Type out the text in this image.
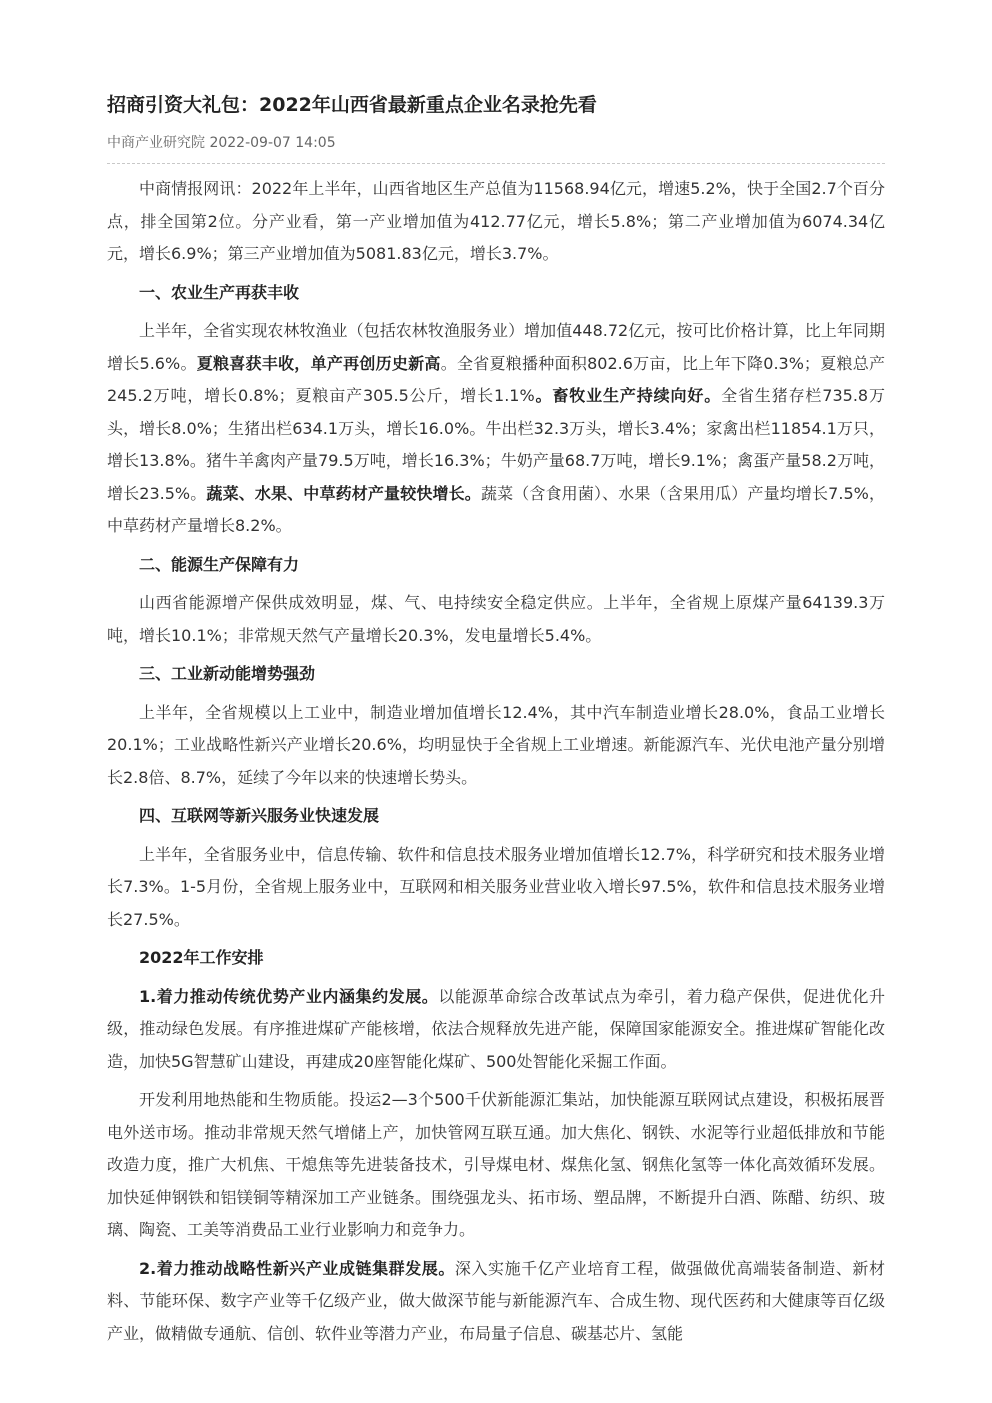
招商引资大礼包：2022年山西省最新重点企业名录抢先看
中商产业研究院 2022-09-07 14:05

中商情报网讯：2022年上半年，山西省地区生产总值为11568.94亿元，增速5.2%，快于全国2.7个百分点，排全国第2位。分产业看，第一产业增加值为412.77亿元，增长5.8%；第二产业增加值为6074.34亿元，增长6.9%；第三产业增加值为5081.83亿元，增长3.7%。

一、农业生产再获丰收

上半年，全省实现农林牧渔业（包括农林牧渔服务业）增加值448.72亿元，按可比价格计算，比上年同期增长5.6%。夏粮喜获丰收，单产再创历史新高。全省夏粮播种面积802.6万亩，比上年下降0.3%；夏粮总产245.2万吨，增长0.8%；夏粮亩产305.5公斤，增长1.1%。畜牧业生产持续向好。全省生猪存栏735.8万头，增长8.0%；生猪出栏634.1万头，增长16.0%。牛出栏32.3万头，增长3.4%；家禽出栏11854.1万只，增长13.8%。猪牛羊禽肉产量79.5万吨，增长16.3%；牛奶产量68.7万吨，增长9.1%；禽蛋产量58.2万吨，增长23.5%。蔬菜、水果、中草药材产量较快增长。蔬菜（含食用菌）、水果（含果用瓜）产量均增长7.5%，中草药材产量增长8.2%。

二、能源生产保障有力

山西省能源增产保供成效明显，煤、气、电持续安全稳定供应。上半年，全省规上原煤产量64139.3万吨，增长10.1%；非常规天然气产量增长20.3%，发电量增长5.4%。

三、工业新动能增势强劲

上半年，全省规模以上工业中，制造业增加值增长12.4%，其中汽车制造业增长28.0%，食品工业增长20.1%；工业战略性新兴产业增长20.6%，均明显快于全省规上工业增速。新能源汽车、光伏电池产量分别增长2.8倍、8.7%，延续了今年以来的快速增长势头。

四、互联网等新兴服务业快速发展

上半年，全省服务业中，信息传输、软件和信息技术服务业增加值增长12.7%，科学研究和技术服务业增长7.3%。1-5月份，全省规上服务业中，互联网和相关服务业营业收入增长97.5%，软件和信息技术服务业增长27.5%。

2022年工作安排

1.着力推动传统优势产业内涵集约发展。以能源革命综合改革试点为牵引，着力稳产保供，促进优化升级，推动绿色发展。有序推进煤矿产能核增，依法合规释放先进产能，保障国家能源安全。推进煤矿智能化改造，加快5G智慧矿山建设，再建成20座智能化煤矿、500处智能化采掘工作面。

开发利用地热能和生物质能。投运2—3个500千伏新能源汇集站，加快能源互联网试点建设，积极拓展晋电外送市场。推动非常规天然气增储上产，加快管网互联互通。加大焦化、钢铁、水泥等行业超低排放和节能改造力度，推广大机焦、干熄焦等先进装备技术，引导煤电材、煤焦化氢、钢焦化氢等一体化高效循环发展。加快延伸钢铁和铝镁铜等精深加工产业链条。围绕强龙头、拓市场、塑品牌，不断提升白酒、陈醋、纺织、玻璃、陶瓷、工美等消费品工业行业影响力和竞争力。

2.着力推动战略性新兴产业成链集群发展。深入实施千亿产业培育工程，做强做优高端装备制造、新材料、节能环保、数字产业等千亿级产业，做大做深节能与新能源汽车、合成生物、现代医药和大健康等百亿级产业，做精做专通航、信创、软件业等潜力产业，布局量子信息、碳基芯片、氢能
